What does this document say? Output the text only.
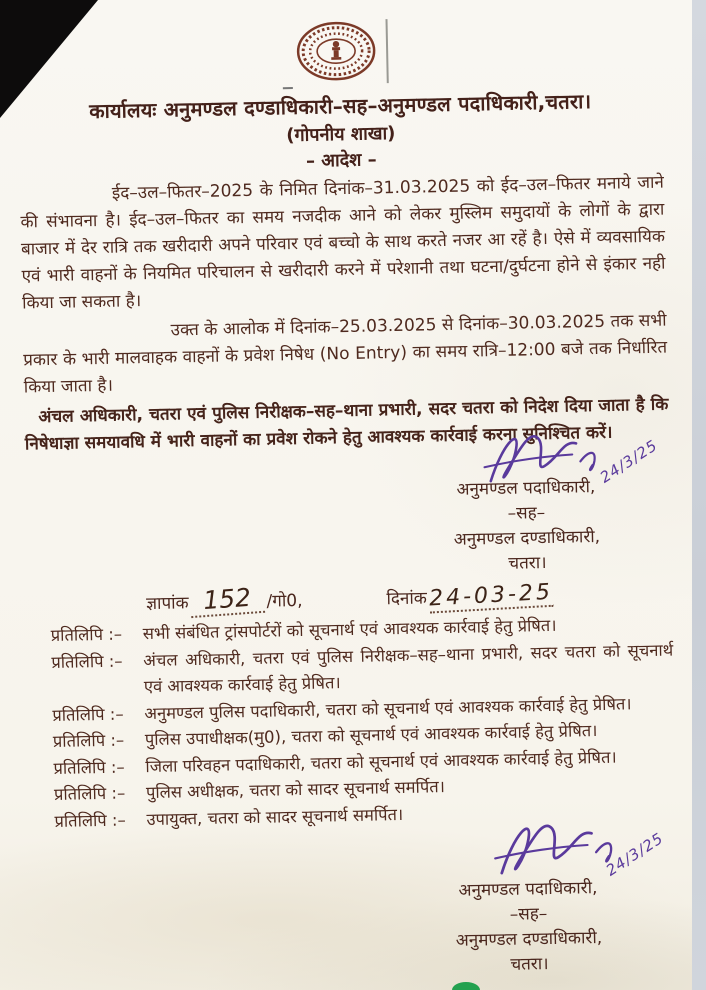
कार्यालयः अनुमण्डल दण्डाधिकारी–सह–अनुमण्डल पदाधिकारी,चतरा।
(गोपनीय शाखा)
– आदेश –

ईद–उल–फितर–2025 के निमित दिनांक–31.03.2025 को ईद–उल–फितर मनाये जाने की संभावना है। ईद–उल–फितर का समय नजदीक आने को लेकर मुस्लिम समुदायों के लोगों के द्वारा बाजार में देर रात्रि तक खरीदारी अपने परिवार एवं बच्चो के साथ करते नजर आ रहें है। ऐसे में व्यवसायिक एवं भारी वाहनों के नियमित परिचालन से खरीदारी करने में परेशानी तथा घटना/दुर्घटना होने से इंकार नही किया जा सकता है।

उक्त के आलोक में दिनांक–25.03.2025 से दिनांक–30.03.2025 तक सभी प्रकार के भारी मालवाहक वाहनों के प्रवेश निषेध (No Entry) का समय रात्रि–12:00 बजे तक निर्धारित किया जाता है।

अंचल अधिकारी, चतरा एवं पुलिस निरीक्षक–सह–थाना प्रभारी, सदर चतरा को निदेश दिया जाता है कि निषेधाज्ञा समयावधि में भारी वाहनों का प्रवेश रोकने हेतु आवश्यक कार्रवाई करना सुनिश्चित करें।

24/3/25
अनुमण्डल पदाधिकारी,
–सह–
अनुमण्डल दण्डाधिकारी,
चतरा।
ज्ञापांक 152 /गो0,	दिनांक 24-03-25
प्रतिलिपि :–	सभी संबंधित ट्रांसपोर्टरों को सूचनार्थ एवं आवश्यक कार्रवाई हेतु प्रेषित।
प्रतिलिपि :–	अंचल अधिकारी, चतरा एवं पुलिस निरीक्षक–सह–थाना प्रभारी, सदर चतरा को सूचनार्थ एवं आवश्यक कार्रवाई हेतु प्रेषित।
प्रतिलिपि :–	अनुमण्डल पुलिस पदाधिकारी, चतरा को सूचनार्थ एवं आवश्यक कार्रवाई हेतु प्रेषित।
प्रतिलिपि :–	पुलिस उपाधीक्षक(मु0), चतरा को सूचनार्थ एवं आवश्यक कार्रवाई हेतु प्रेषित।
प्रतिलिपि :–	जिला परिवहन पदाधिकारी, चतरा को सूचनार्थ एवं आवश्यक कार्रवाई हेतु प्रेषित।
प्रतिलिपि :–	पुलिस अधीक्षक, चतरा को सादर सूचनार्थ समर्पित।
प्रतिलिपि :–	उपायुक्त, चतरा को सादर सूचनार्थ समर्पित।
24/3/25
अनुमण्डल पदाधिकारी,
–सह–
अनुमण्डल दण्डाधिकारी,
चतरा।
